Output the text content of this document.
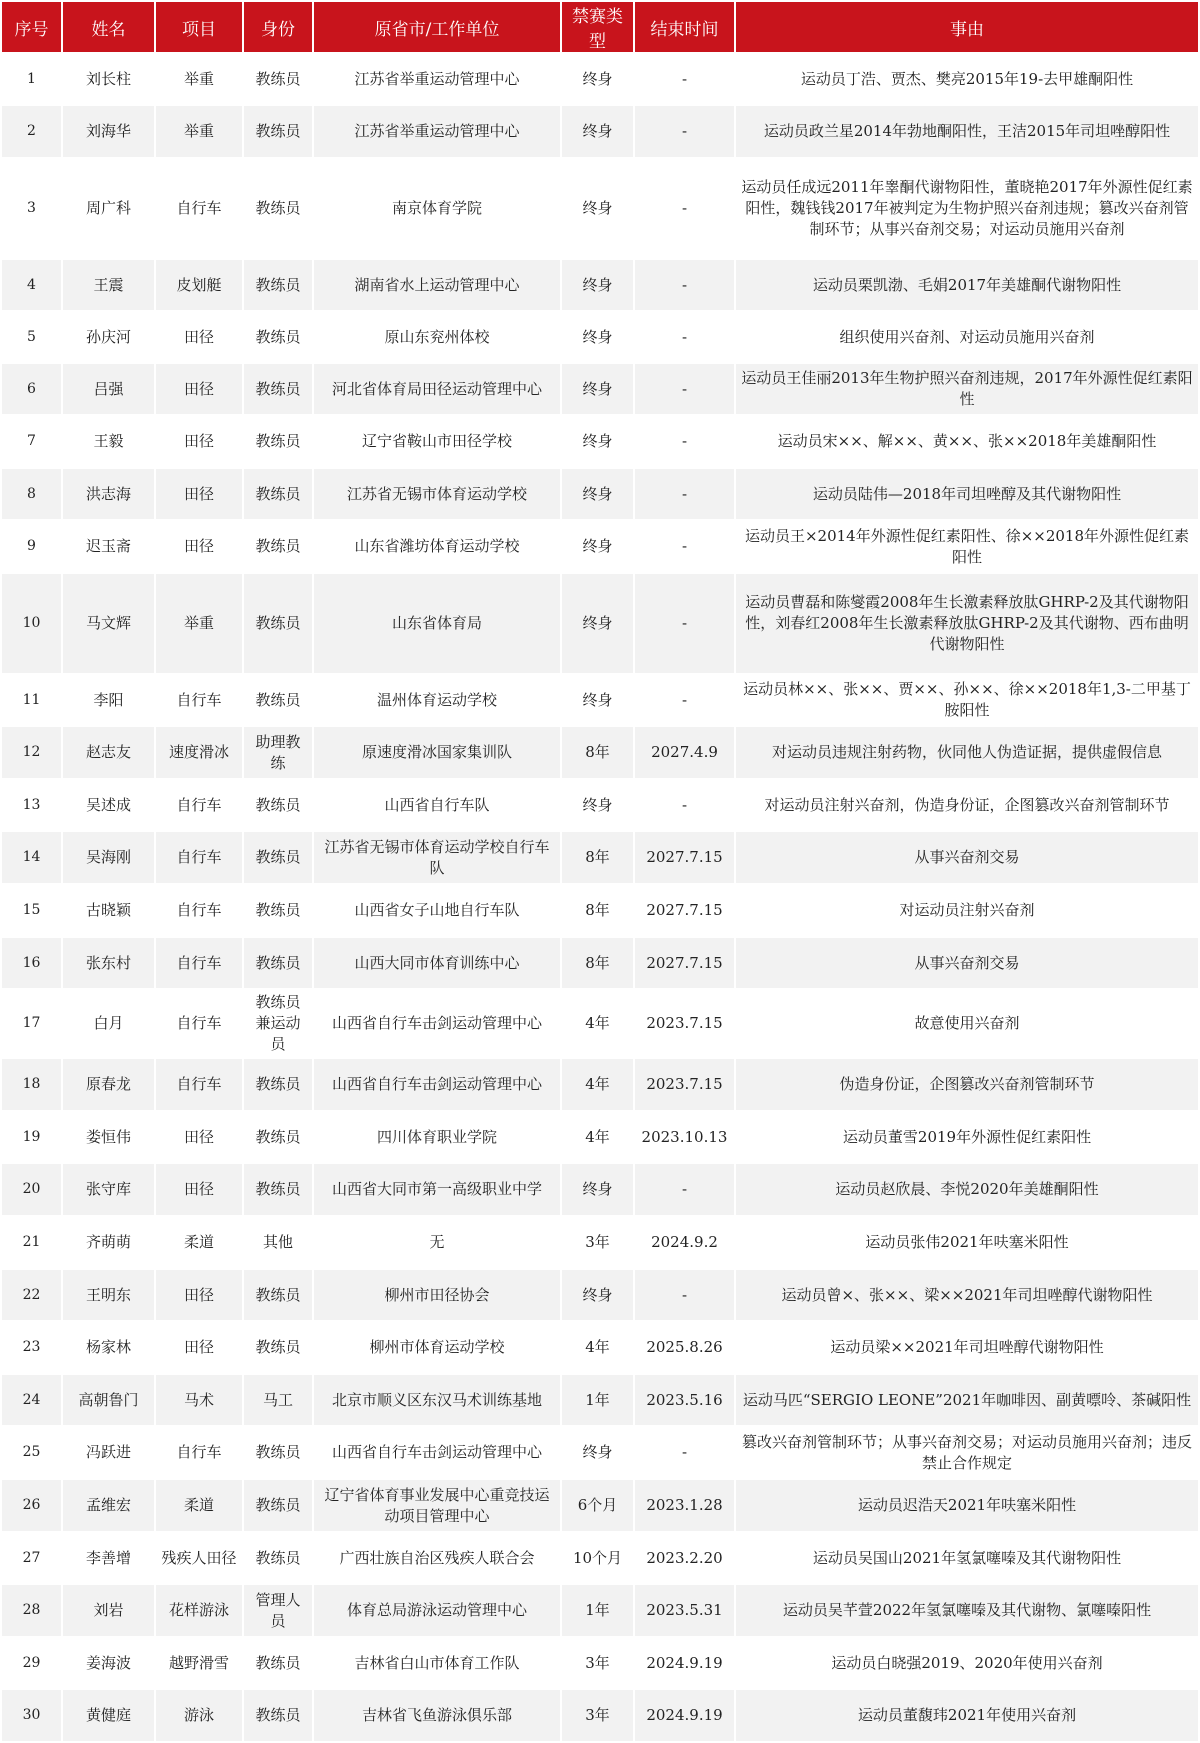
序号	姓名	项目	身份	原省市/工作单位	禁赛类型	结束时间	事由
1	刘长柱	举重	教练员	江苏省举重运动管理中心	终身	-	运动员丁浩、贾杰、樊亮2015年19-去甲雄酮阳性
2	刘海华	举重	教练员	江苏省举重运动管理中心	终身	-	运动员政兰星2014年勃地酮阳性，王洁2015年司坦唑醇阳性
3	周广科	自行车	教练员	南京体育学院	终身	-	运动员任成远2011年睾酮代谢物阳性，董晓艳2017年外源性促红素阳性，魏钱钱2017年被判定为生物护照兴奋剂违规；篡改兴奋剂管制环节；从事兴奋剂交易；对运动员施用兴奋剂
4	王震	皮划艇	教练员	湖南省水上运动管理中心	终身	-	运动员栗凯渤、毛娟2017年美雄酮代谢物阳性
5	孙庆河	田径	教练员	原山东兖州体校	终身	-	组织使用兴奋剂、对运动员施用兴奋剂
6	吕强	田径	教练员	河北省体育局田径运动管理中心	终身	-	运动员王佳丽2013年生物护照兴奋剂违规，2017年外源性促红素阳性
7	王毅	田径	教练员	辽宁省鞍山市田径学校	终身	-	运动员宋××、解××、黄××、张××2018年美雄酮阳性
8	洪志海	田径	教练员	江苏省无锡市体育运动学校	终身	-	运动员陆伟—2018年司坦唑醇及其代谢物阳性
9	迟玉斋	田径	教练员	山东省潍坊体育运动学校	终身	-	运动员王×2014年外源性促红素阳性、徐××2018年外源性促红素阳性
10	马文辉	举重	教练员	山东省体育局	终身	-	运动员曹磊和陈燮霞2008年生长激素释放肽GHRP-2及其代谢物阳性，刘春红2008年生长激素释放肽GHRP-2及其代谢物、西布曲明代谢物阳性
11	李阳	自行车	教练员	温州体育运动学校	终身	-	运动员林××、张××、贾××、孙××、徐××2018年1,3-二甲基丁胺阳性
12	赵志友	速度滑冰	助理教练	原速度滑冰国家集训队	8年	2027.4.9	对运动员违规注射药物，伙同他人伪造证据，提供虚假信息
13	吴述成	自行车	教练员	山西省自行车队	终身	-	对运动员注射兴奋剂，伪造身份证，企图篡改兴奋剂管制环节
14	吴海刚	自行车	教练员	江苏省无锡市体育运动学校自行车队	8年	2027.7.15	从事兴奋剂交易
15	古晓颖	自行车	教练员	山西省女子山地自行车队	8年	2027.7.15	对运动员注射兴奋剂
16	张东村	自行车	教练员	山西大同市体育训练中心	8年	2027.7.15	从事兴奋剂交易
17	白月	自行车	教练员兼运动员	山西省自行车击剑运动管理中心	4年	2023.7.15	故意使用兴奋剂
18	原春龙	自行车	教练员	山西省自行车击剑运动管理中心	4年	2023.7.15	伪造身份证，企图篡改兴奋剂管制环节
19	娄恒伟	田径	教练员	四川体育职业学院	4年	2023.10.13	运动员董雪2019年外源性促红素阳性
20	张守库	田径	教练员	山西省大同市第一高级职业中学	终身	-	运动员赵欣晨、李悦2020年美雄酮阳性
21	齐萌萌	柔道	其他	无	3年	2024.9.2	运动员张伟2021年呋塞米阳性
22	王明东	田径	教练员	柳州市田径协会	终身	-	运动员曾×、张××、梁××2021年司坦唑醇代谢物阳性
23	杨家林	田径	教练员	柳州市体育运动学校	4年	2025.8.26	运动员梁××2021年司坦唑醇代谢物阳性
24	高朝鲁门	马术	马工	北京市顺义区东汉马术训练基地	1年	2023.5.16	运动马匹“SERGIO LEONE”2021年咖啡因、副黄嘌呤、茶碱阳性
25	冯跃进	自行车	教练员	山西省自行车击剑运动管理中心	终身	-	篡改兴奋剂管制环节；从事兴奋剂交易；对运动员施用兴奋剂；违反禁止合作规定
26	孟维宏	柔道	教练员	辽宁省体育事业发展中心重竞技运动项目管理中心	6个月	2023.1.28	运动员迟浩天2021年呋塞米阳性
27	李善增	残疾人田径	教练员	广西壮族自治区残疾人联合会	10个月	2023.2.20	运动员吴国山2021年氢氯噻嗪及其代谢物阳性
28	刘岩	花样游泳	管理人员	体育总局游泳运动管理中心	1年	2023.5.31	运动员吴芊萱2022年氢氯噻嗪及其代谢物、氯噻嗪阳性
29	姜海波	越野滑雪	教练员	吉林省白山市体育工作队	3年	2024.9.19	运动员白晓强2019、2020年使用兴奋剂
30	黄健庭	游泳	教练员	吉林省飞鱼游泳俱乐部	3年	2024.9.19	运动员董馥玮2021年使用兴奋剂
